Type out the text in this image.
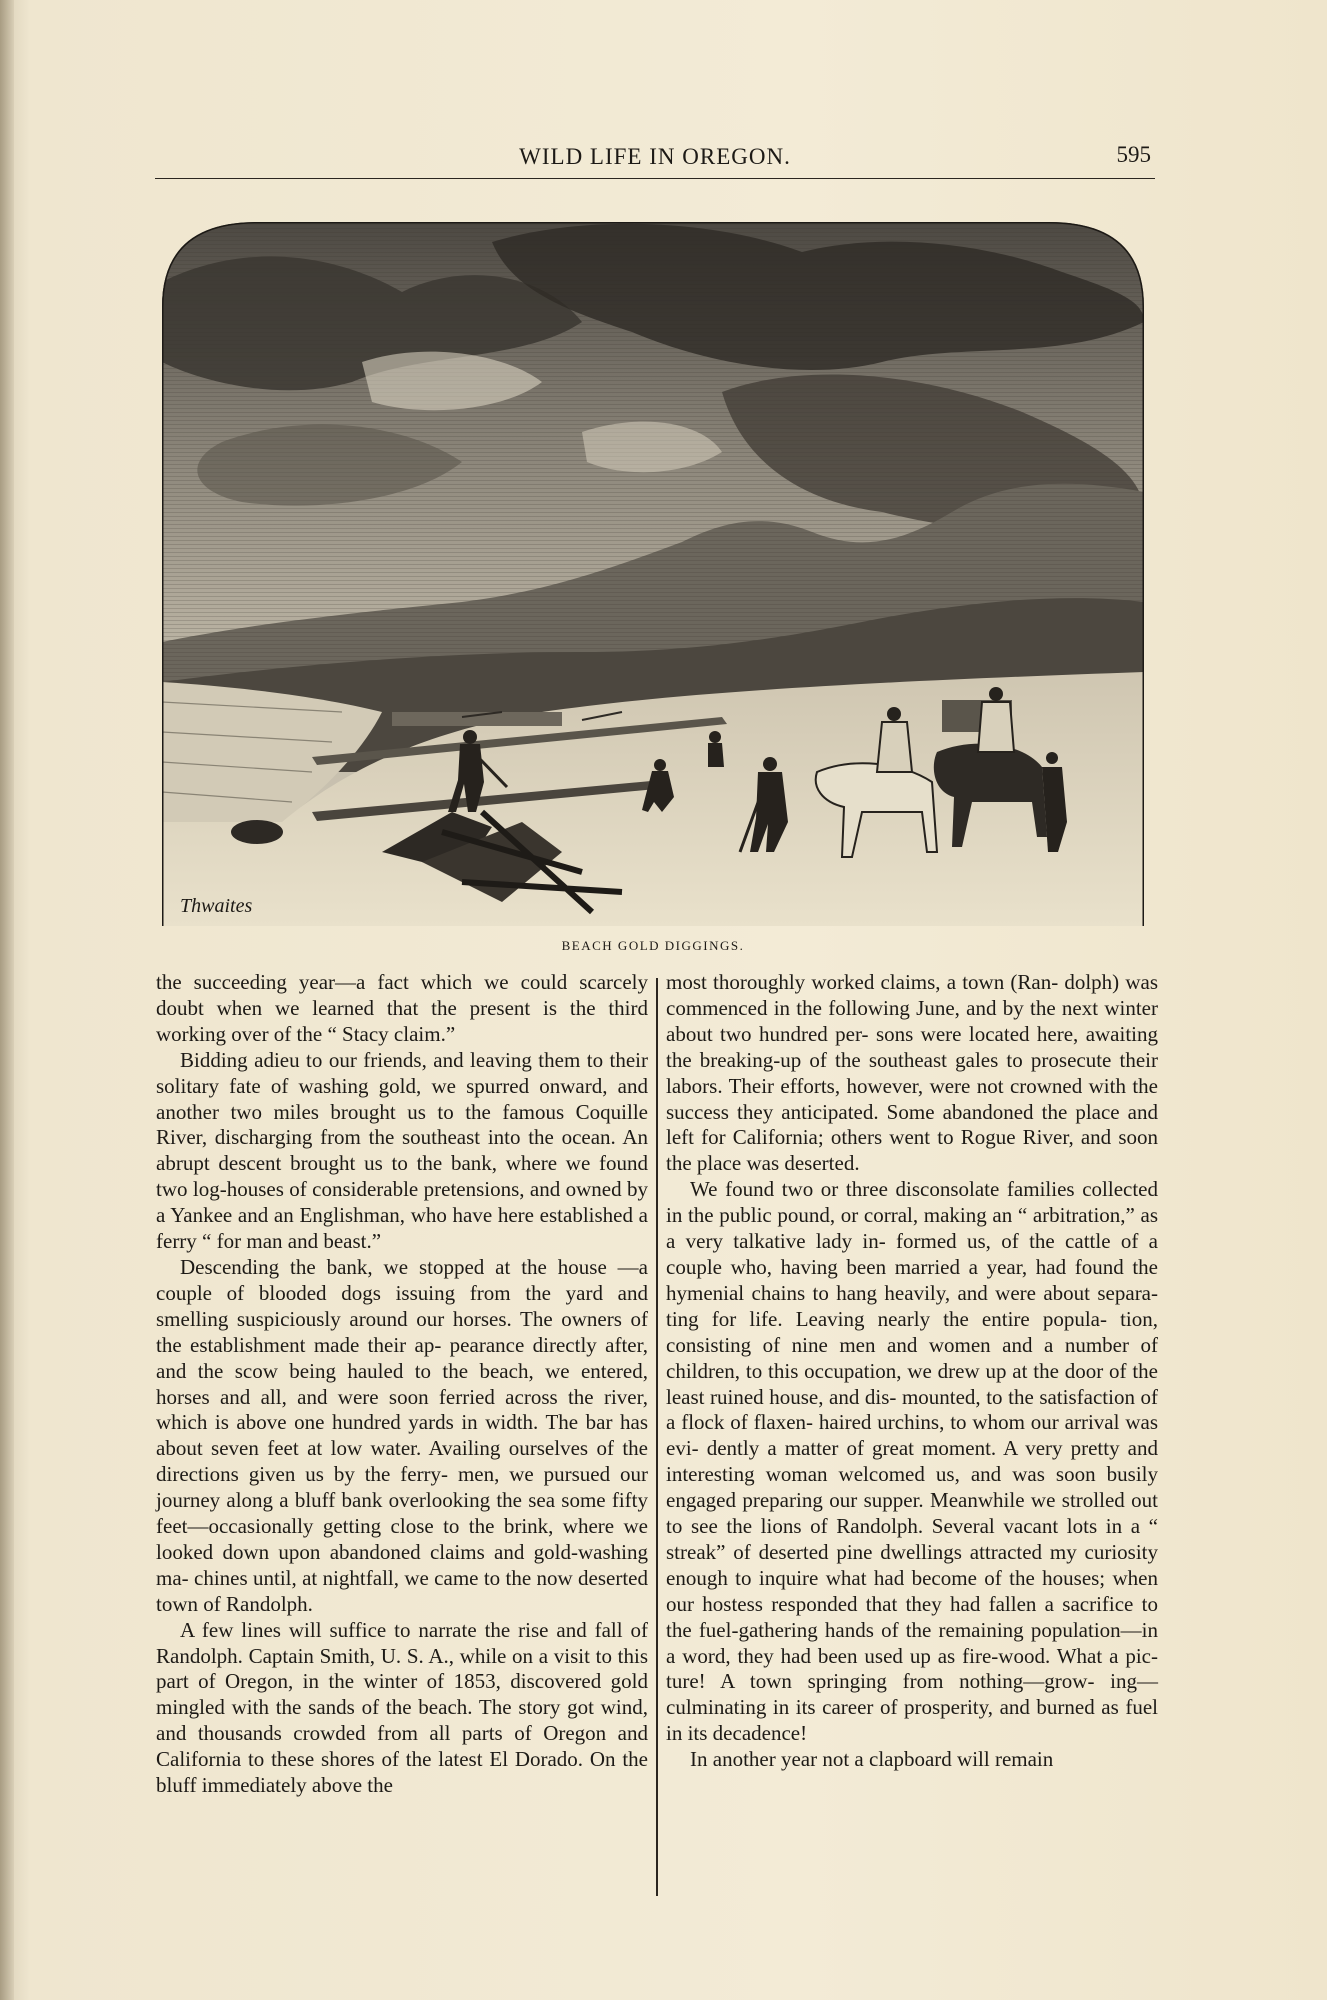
WILD LIFE IN OREGON.	595
Thwaites
BEACH GOLD DIGGINGS.

the succeeding year—a fact which we could scarcely doubt when we learned that the present is the third working over of the “ Stacy claim.”

Bidding adieu to our friends, and leaving them to their solitary fate of washing gold, we spurred onward, and another two miles brought us to the famous Coquille River, discharging from the southeast into the ocean. An abrupt descent brought us to the bank, where we found two log-houses of considerable pretensions, and owned by a Yankee and an Englishman, who have here established a ferry “ for man and beast.”

Descending the bank, we stopped at the house —a couple of blooded dogs issuing from the yard and smelling suspiciously around our horses. The owners of the establishment made their ap- pearance directly after, and the scow being hauled to the beach, we entered, horses and all, and were soon ferried across the river, which is above one hundred yards in width. The bar has about seven feet at low water. Availing ourselves of the directions given us by the ferry- men, we pursued our journey along a bluff bank overlooking the sea some fifty feet—occasionally getting close to the brink, where we looked down upon abandoned claims and gold-washing ma- chines until, at nightfall, we came to the now deserted town of Randolph.

A few lines will suffice to narrate the rise and fall of Randolph. Captain Smith, U. S. A., while on a visit to this part of Oregon, in the winter of 1853, discovered gold mingled with the sands of the beach. The story got wind, and thousands crowded from all parts of Oregon and California to these shores of the latest El Dorado. On the bluff immediately above the

most thoroughly worked claims, a town (Ran- dolph) was commenced in the following June, and by the next winter about two hundred per- sons were located here, awaiting the breaking-up of the southeast gales to prosecute their labors. Their efforts, however, were not crowned with the success they anticipated. Some abandoned the place and left for California; others went to Rogue River, and soon the place was deserted.

We found two or three disconsolate families collected in the public pound, or corral, making an “ arbitration,” as a very talkative lady in- formed us, of the cattle of a couple who, having been married a year, had found the hymenial chains to hang heavily, and were about separa- ting for life. Leaving nearly the entire popula- tion, consisting of nine men and women and a number of children, to this occupation, we drew up at the door of the least ruined house, and dis- mounted, to the satisfaction of a flock of flaxen- haired urchins, to whom our arrival was evi- dently a matter of great moment. A very pretty and interesting woman welcomed us, and was soon busily engaged preparing our supper. Meanwhile we strolled out to see the lions of Randolph. Several vacant lots in a “ streak” of deserted pine dwellings attracted my curiosity enough to inquire what had become of the houses; when our hostess responded that they had fallen a sacrifice to the fuel-gathering hands of the remaining population—in a word, they had been used up as fire-wood. What a pic- ture! A town springing from nothing—grow- ing—culminating in its career of prosperity, and burned as fuel in its decadence!

In another year not a clapboard will remain
